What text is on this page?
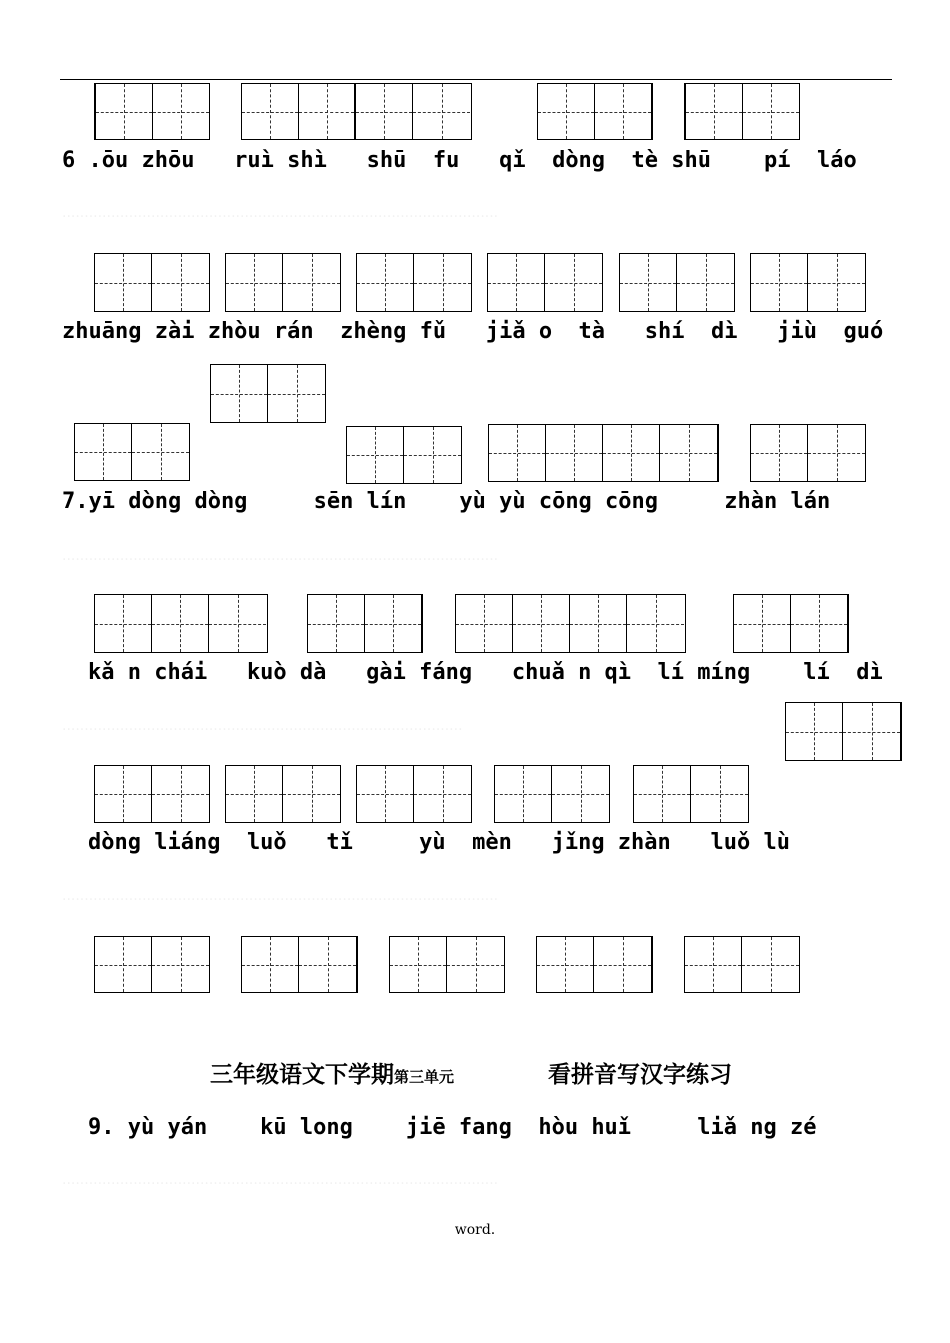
6 .ōu zhōu   ruì shì   shū  fu   qǐ  dòng  tè shū    pí  láo
..................................................................................................
zhuāng zài zhòu rán  zhèng fǔ   jiǎ o  tà   shí  dì   jiù  guó
7.yī dòng dòng     sēn lín    yù yù cōng cōng     zhàn lán
..................................................................................................
kǎ n chái   kuò dà   gài fáng   chuǎ n qì  lí míng    lí  dì
..........................................................................................
dòng liáng  luǒ   tǐ     yù  mèn   jǐng zhàn   luǒ lù
..................................................................................................
三年级语文下学期第三单元	看拼音写汉字练习
9. yù yán    kū long    jiē fang  hòu huǐ     liǎ ng zé
..................................................................................................
word.
